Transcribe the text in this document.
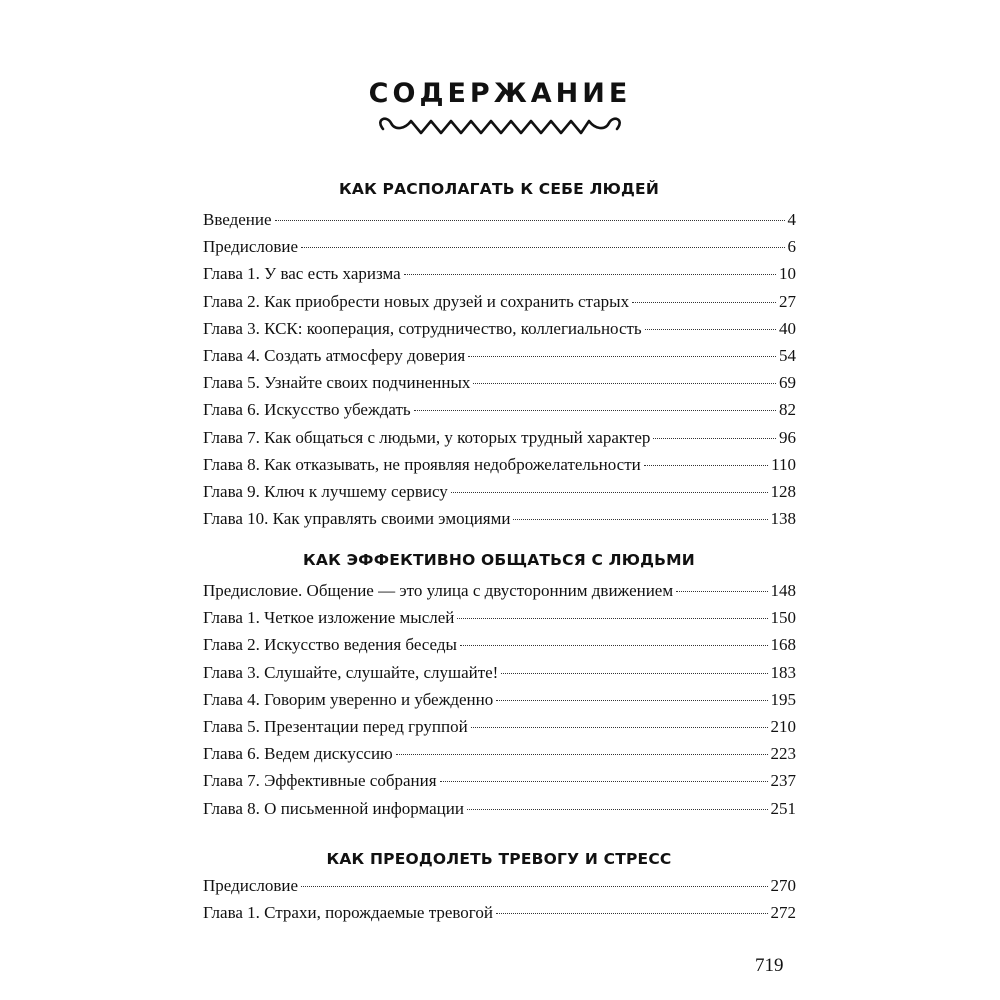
СОДЕРЖАНИЕ
КАК РАСПОЛАГАТЬ К СЕБЕ ЛЮДЕЙ
Введение	4
Предисловие	6
Глава 1. У вас есть харизма	10
Глава 2. Как приобрести новых друзей и сохранить старых	27
Глава 3. КСК: кооперация, сотрудничество, коллегиальность	40
Глава 4. Создать атмосферу доверия	54
Глава 5. Узнайте своих подчиненных	69
Глава 6. Искусство убеждать	82
Глава 7. Как общаться с людьми, у которых трудный характер	96
Глава 8. Как отказывать, не проявляя недоброжелательности	110
Глава 9. Ключ к лучшему сервису	128
Глава 10. Как управлять своими эмоциями	138
КАК ЭФФЕКТИВНО ОБЩАТЬСЯ С ЛЮДЬМИ
Предисловие. Общение — это улица с двусторонним движением	148
Глава 1. Четкое изложение мыслей	150
Глава 2. Искусство ведения беседы	168
Глава 3. Слушайте, слушайте, слушайте!	183
Глава 4. Говорим уверенно и убежденно	195
Глава 5. Презентации перед группой	210
Глава 6. Ведем дискуссию	223
Глава 7. Эффективные собрания	237
Глава 8. О письменной информации	251
КАК ПРЕОДОЛЕТЬ ТРЕВОГУ И СТРЕСС
Предисловие	270
Глава 1. Страхи, порождаемые тревогой	272
719
